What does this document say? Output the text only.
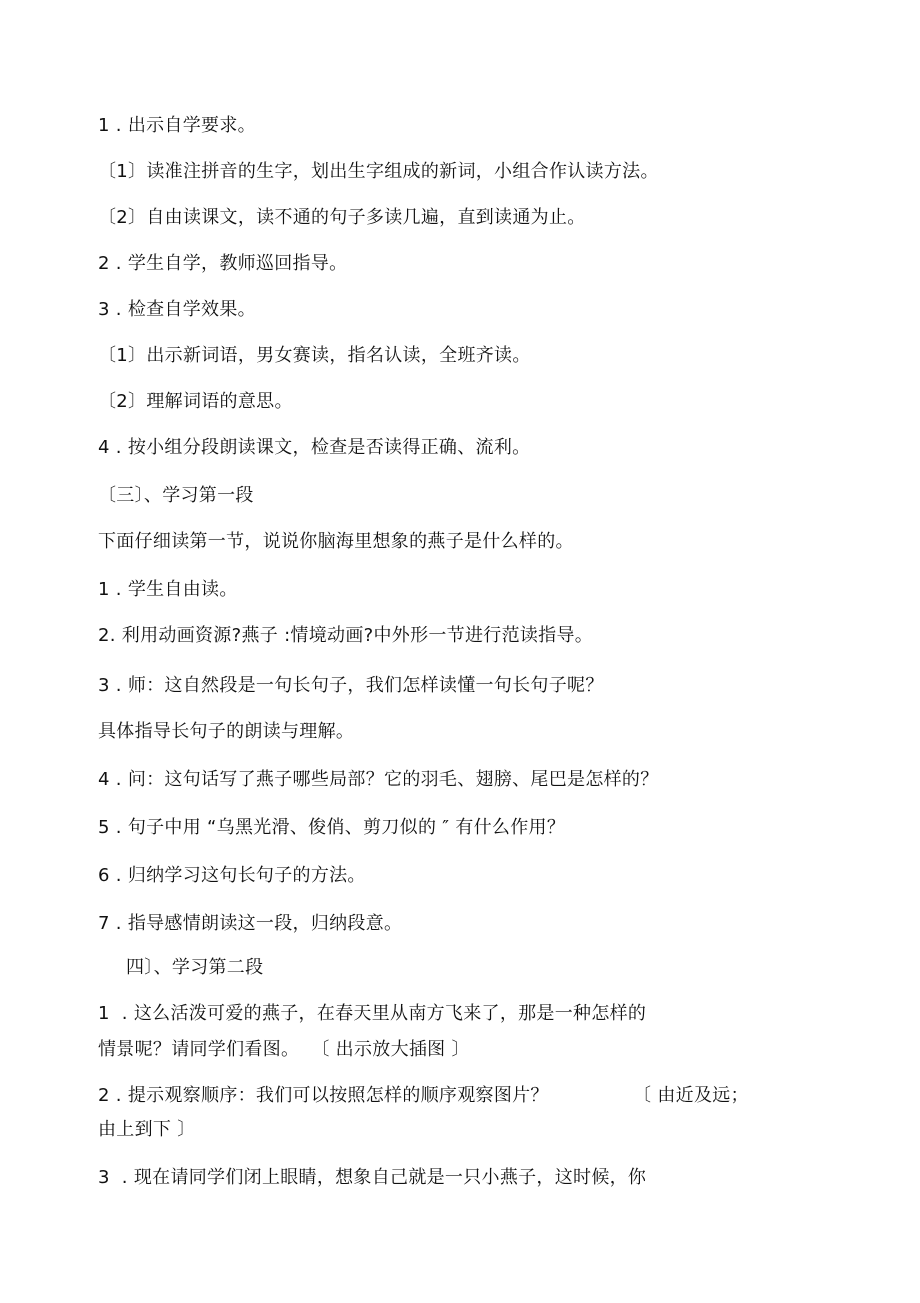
1 . 出示自学要求。
〔1〕读准注拼音的生字，划出生字组成的新词，小组合作认读方法。
〔2〕自由读课文，读不通的句子多读几遍，直到读通为止。
2 . 学生自学，教师巡回指导。
3 . 检查自学效果。
〔1〕出示新词语，男女赛读，指名认读，全班齐读。
〔2〕理解词语的意思。
4 . 按小组分段朗读课文，检查是否读得正确、流利。
〔三〕、学习第一段
下面仔细读第一节，说说你脑海里想象的燕子是什么样的。
1 . 学生自由读。
2. 利用动画资源?燕子 :情境动画?中外形一节进行范读指导。
3 . 师：这自然段是一句长句子，我们怎样读懂一句长句子呢？
具体指导长句子的朗读与理解。
4 . 问：这句话写了燕子哪些局部？它的羽毛、翅膀、尾巴是怎样的？
5 . 句子中用 “乌黑光滑、俊俏、剪刀似的 ″ 有什么作用？
6 . 归纳学习这句长句子的方法。
7 . 指导感情朗读这一段，归纳段意。
四〕、学习第二段
1  . 这么活泼可爱的燕子，在春天里从南方飞来了，那是一种怎样的
情景呢？请同学们看图。  〔 出示放大插图 〕
2 . 提示观察顺序：我们可以按照怎样的顺序观察图片？              〔 由近及远；
由上到下 〕
3  . 现在请同学们闭上眼睛，想象自己就是一只小燕子，这时候，你
